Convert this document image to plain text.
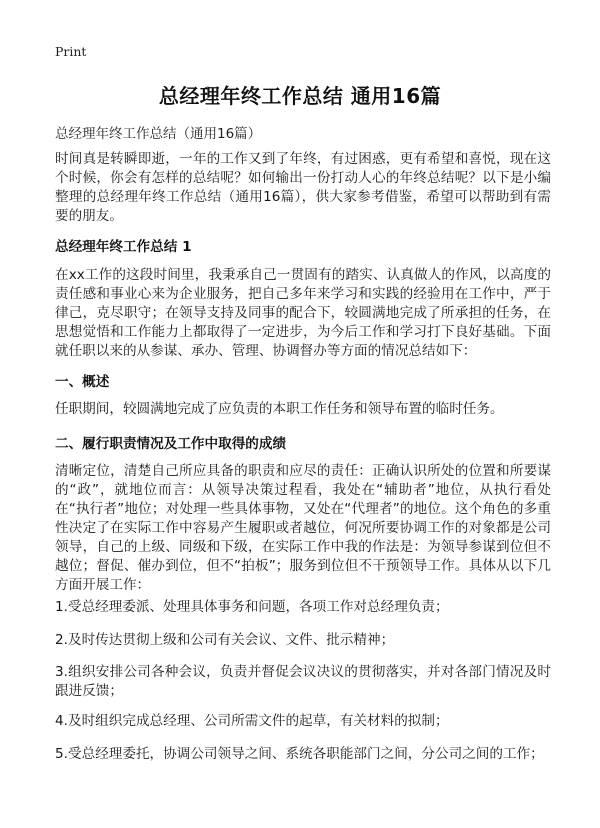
Print
总经理年终工作总结 通用16篇
总经理年终工作总结（通用16篇）
时间真是转瞬即逝，一年的工作又到了年终，有过困惑，更有希望和喜悦，现在这个时候，你会有怎样的总结呢？如何输出一份打动人心的年终总结呢？以下是小编整理的总经理年终工作总结（通用16篇），供大家参考借鉴，希望可以帮助到有需要的朋友。
总经理年终工作总结 1
在xx工作的这段时间里，我秉承自己一贯固有的踏实、认真做人的作风，以高度的责任感和事业心来为企业服务，把自己多年来学习和实践的经验用在工作中，严于律己，克尽职守；在领导支持及同事的配合下，较圆满地完成了所承担的任务，在思想觉悟和工作能力上都取得了一定进步，为今后工作和学习打下良好基础。下面就任职以来的从参谋、承办、管理、协调督办等方面的情况总结如下：
一、概述
任职期间，较圆满地完成了应负责的本职工作任务和领导布置的临时任务。
二、履行职责情况及工作中取得的成绩
清晰定位，清楚自己所应具备的职责和应尽的责任：正确认识所处的位置和所要谋的“政”，就地位而言：从领导决策过程看，我处在“辅助者”地位，从执行看处在“执行者”地位；对处理一些具体事物，又处在“代理者”的地位。这个角色的多重性决定了在实际工作中容易产生履职或者越位，何况所要协调工作的对象都是公司领导，自己的上级、同级和下级，在实际工作中我的作法是：为领导参谋到位但不越位；督促、催办到位，但不“拍板”；服务到位但不干预领导工作。具体从以下几方面开展工作：
1.受总经理委派、处理具体事务和问题，各项工作对总经理负责；
2.及时传达贯彻上级和公司有关会议、文件、批示精神；
3.组织安排公司各种会议，负责并督促会议决议的贯彻落实，并对各部门情况及时跟进反馈；
4.及时组织完成总经理、公司所需文件的起草，有关材料的拟制；
5.受总经理委托，协调公司领导之间、系统各职能部门之间，分公司之间的工作；
